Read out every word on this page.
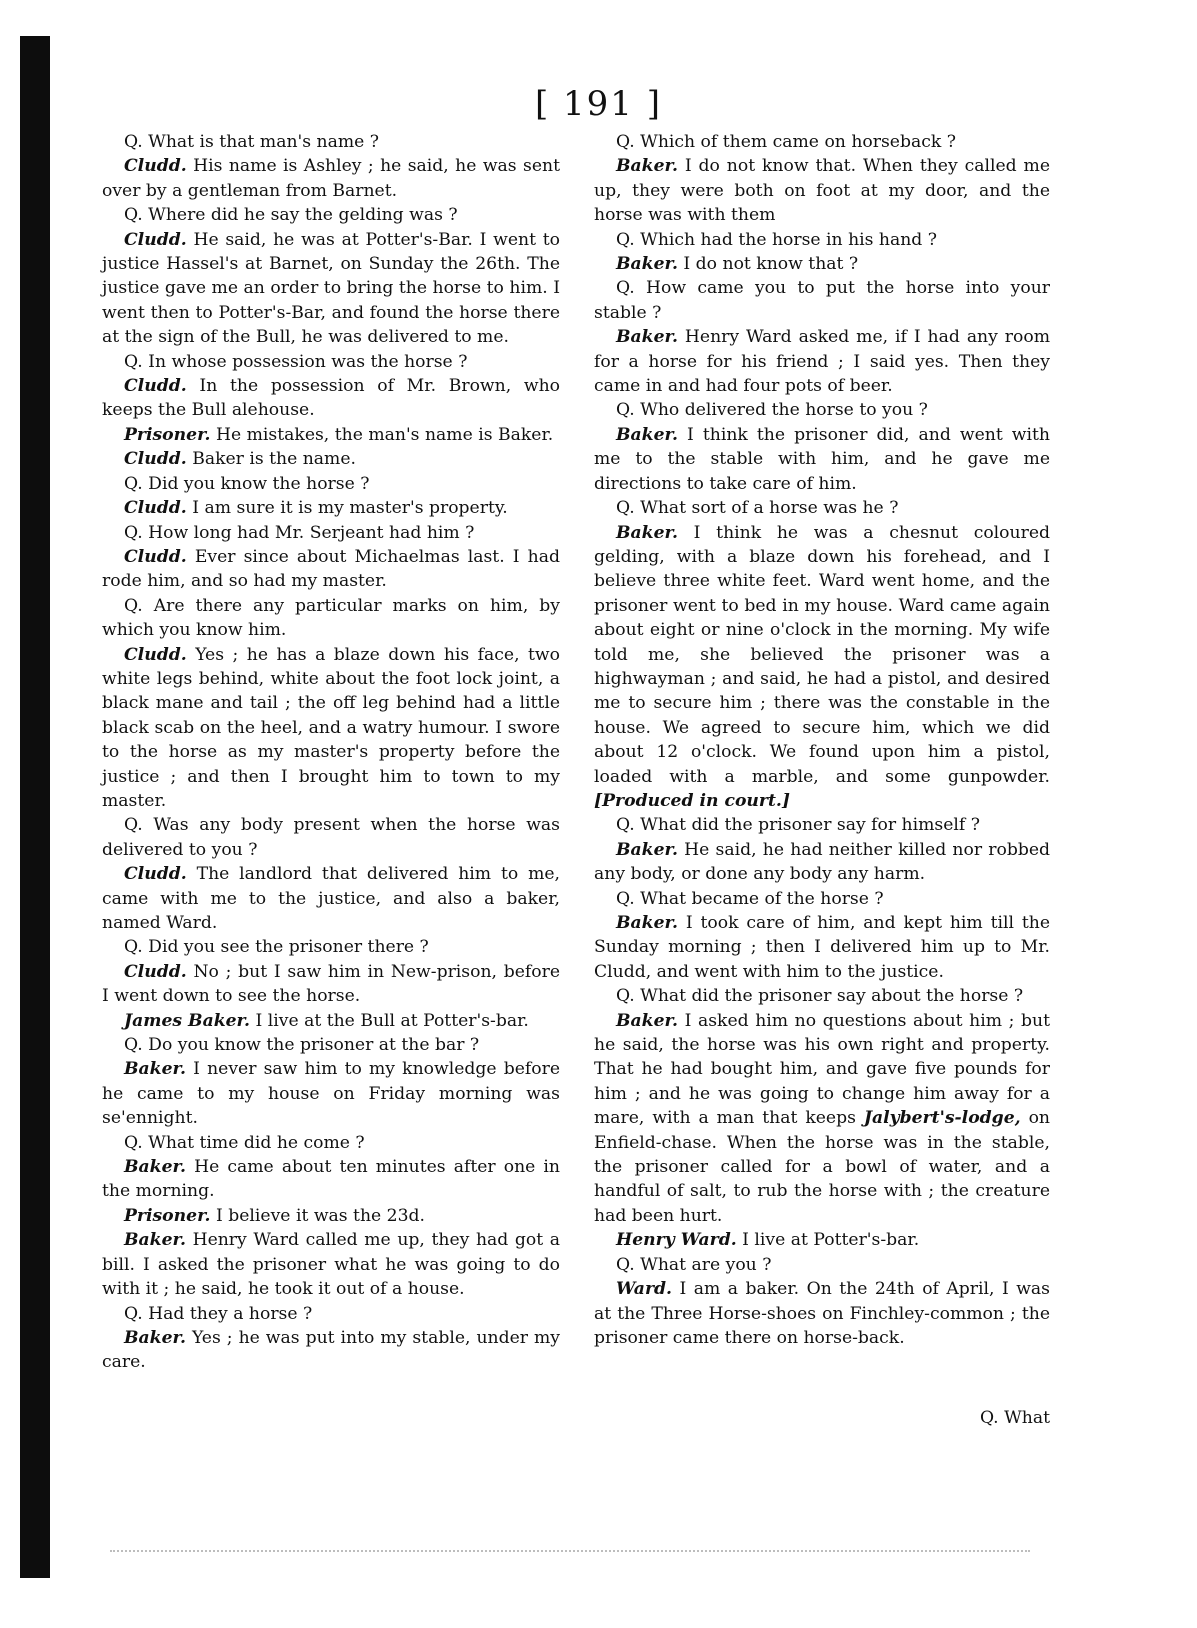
[ 191 ]

Q. What is that man's name ?

Cludd. His name is Ashley ; he said, he was sent over by a gentleman from Barnet.

Q. Where did he say the gelding was ?

Cludd. He said, he was at Potter's-Bar. I went to justice Hassel's at Barnet, on Sunday the 26th. The justice gave me an order to bring the horse to him. I went then to Potter's-Bar, and found the horse there at the sign of the Bull, he was delivered to me.

Q. In whose possession was the horse ?

Cludd. In the possession of Mr. Brown, who keeps the Bull alehouse.

Prisoner. He mistakes, the man's name is Baker.

Cludd. Baker is the name.

Q. Did you know the horse ?

Cludd. I am sure it is my master's property.

Q. How long had Mr. Serjeant had him ?

Cludd. Ever since about Michaelmas last. I had rode him, and so had my master.

Q. Are there any particular marks on him, by which you know him.

Cludd. Yes ; he has a blaze down his face, two white legs behind, white about the foot lock joint, a black mane and tail ; the off leg behind had a little black scab on the heel, and a watry humour. I swore to the horse as my master's property before the justice ; and then I brought him to town to my master.

Q. Was any body present when the horse was delivered to you ?

Cludd. The landlord that delivered him to me, came with me to the justice, and also a baker, named Ward.

Q. Did you see the prisoner there ?

Cludd. No ; but I saw him in New-prison, before I went down to see the horse.

James Baker. I live at the Bull at Potter's-bar.

Q. Do you know the prisoner at the bar ?

Baker. I never saw him to my knowledge before he came to my house on Friday morning was se'ennight.

Q. What time did he come ?

Baker. He came about ten minutes after one in the morning.

Prisoner. I believe it was the 23d.

Baker. Henry Ward called me up, they had got a bill. I asked the prisoner what he was going to do with it ; he said, he took it out of a house.

Q. Had they a horse ?

Baker. Yes ; he was put into my stable, under my care.

Q. Which of them came on horseback ?

Baker. I do not know that. When they called me up, they were both on foot at my door, and the horse was with them

Q. Which had the horse in his hand ?

Baker. I do not know that ?

Q. How came you to put the horse into your stable ?

Baker. Henry Ward asked me, if I had any room for a horse for his friend ; I said yes. Then they came in and had four pots of beer.

Q. Who delivered the horse to you ?

Baker. I think the prisoner did, and went with me to the stable with him, and he gave me directions to take care of him.

Q. What sort of a horse was he ?

Baker. I think he was a chesnut coloured gelding, with a blaze down his forehead, and I believe three white feet. Ward went home, and the prisoner went to bed in my house. Ward came again about eight or nine o'clock in the morning. My wife told me, she believed the prisoner was a highwayman ; and said, he had a pistol, and desired me to secure him ; there was the constable in the house. We agreed to secure him, which we did about 12 o'clock. We found upon him a pistol, loaded with a marble, and some gunpowder. [Produced in court.]

Q. What did the prisoner say for himself ?

Baker. He said, he had neither killed nor robbed any body, or done any body any harm.

Q. What became of the horse ?

Baker. I took care of him, and kept him till the Sunday morning ; then I delivered him up to Mr. Cludd, and went with him to the justice.

Q. What did the prisoner say about the horse ?

Baker. I asked him no questions about him ; but he said, the horse was his own right and property. That he had bought him, and gave five pounds for him ; and he was going to change him away for a mare, with a man that keeps Jalybert's-lodge, on Enfield-chase. When the horse was in the stable, the prisoner called for a bowl of water, and a handful of salt, to rub the horse with ; the creature had been hurt.

Henry Ward. I live at Potter's-bar.

Q. What are you ?

Ward. I am a baker. On the 24th of April, I was at the Three Horse-shoes on Finchley-common ; the prisoner came there on horse-back.

Q. What
